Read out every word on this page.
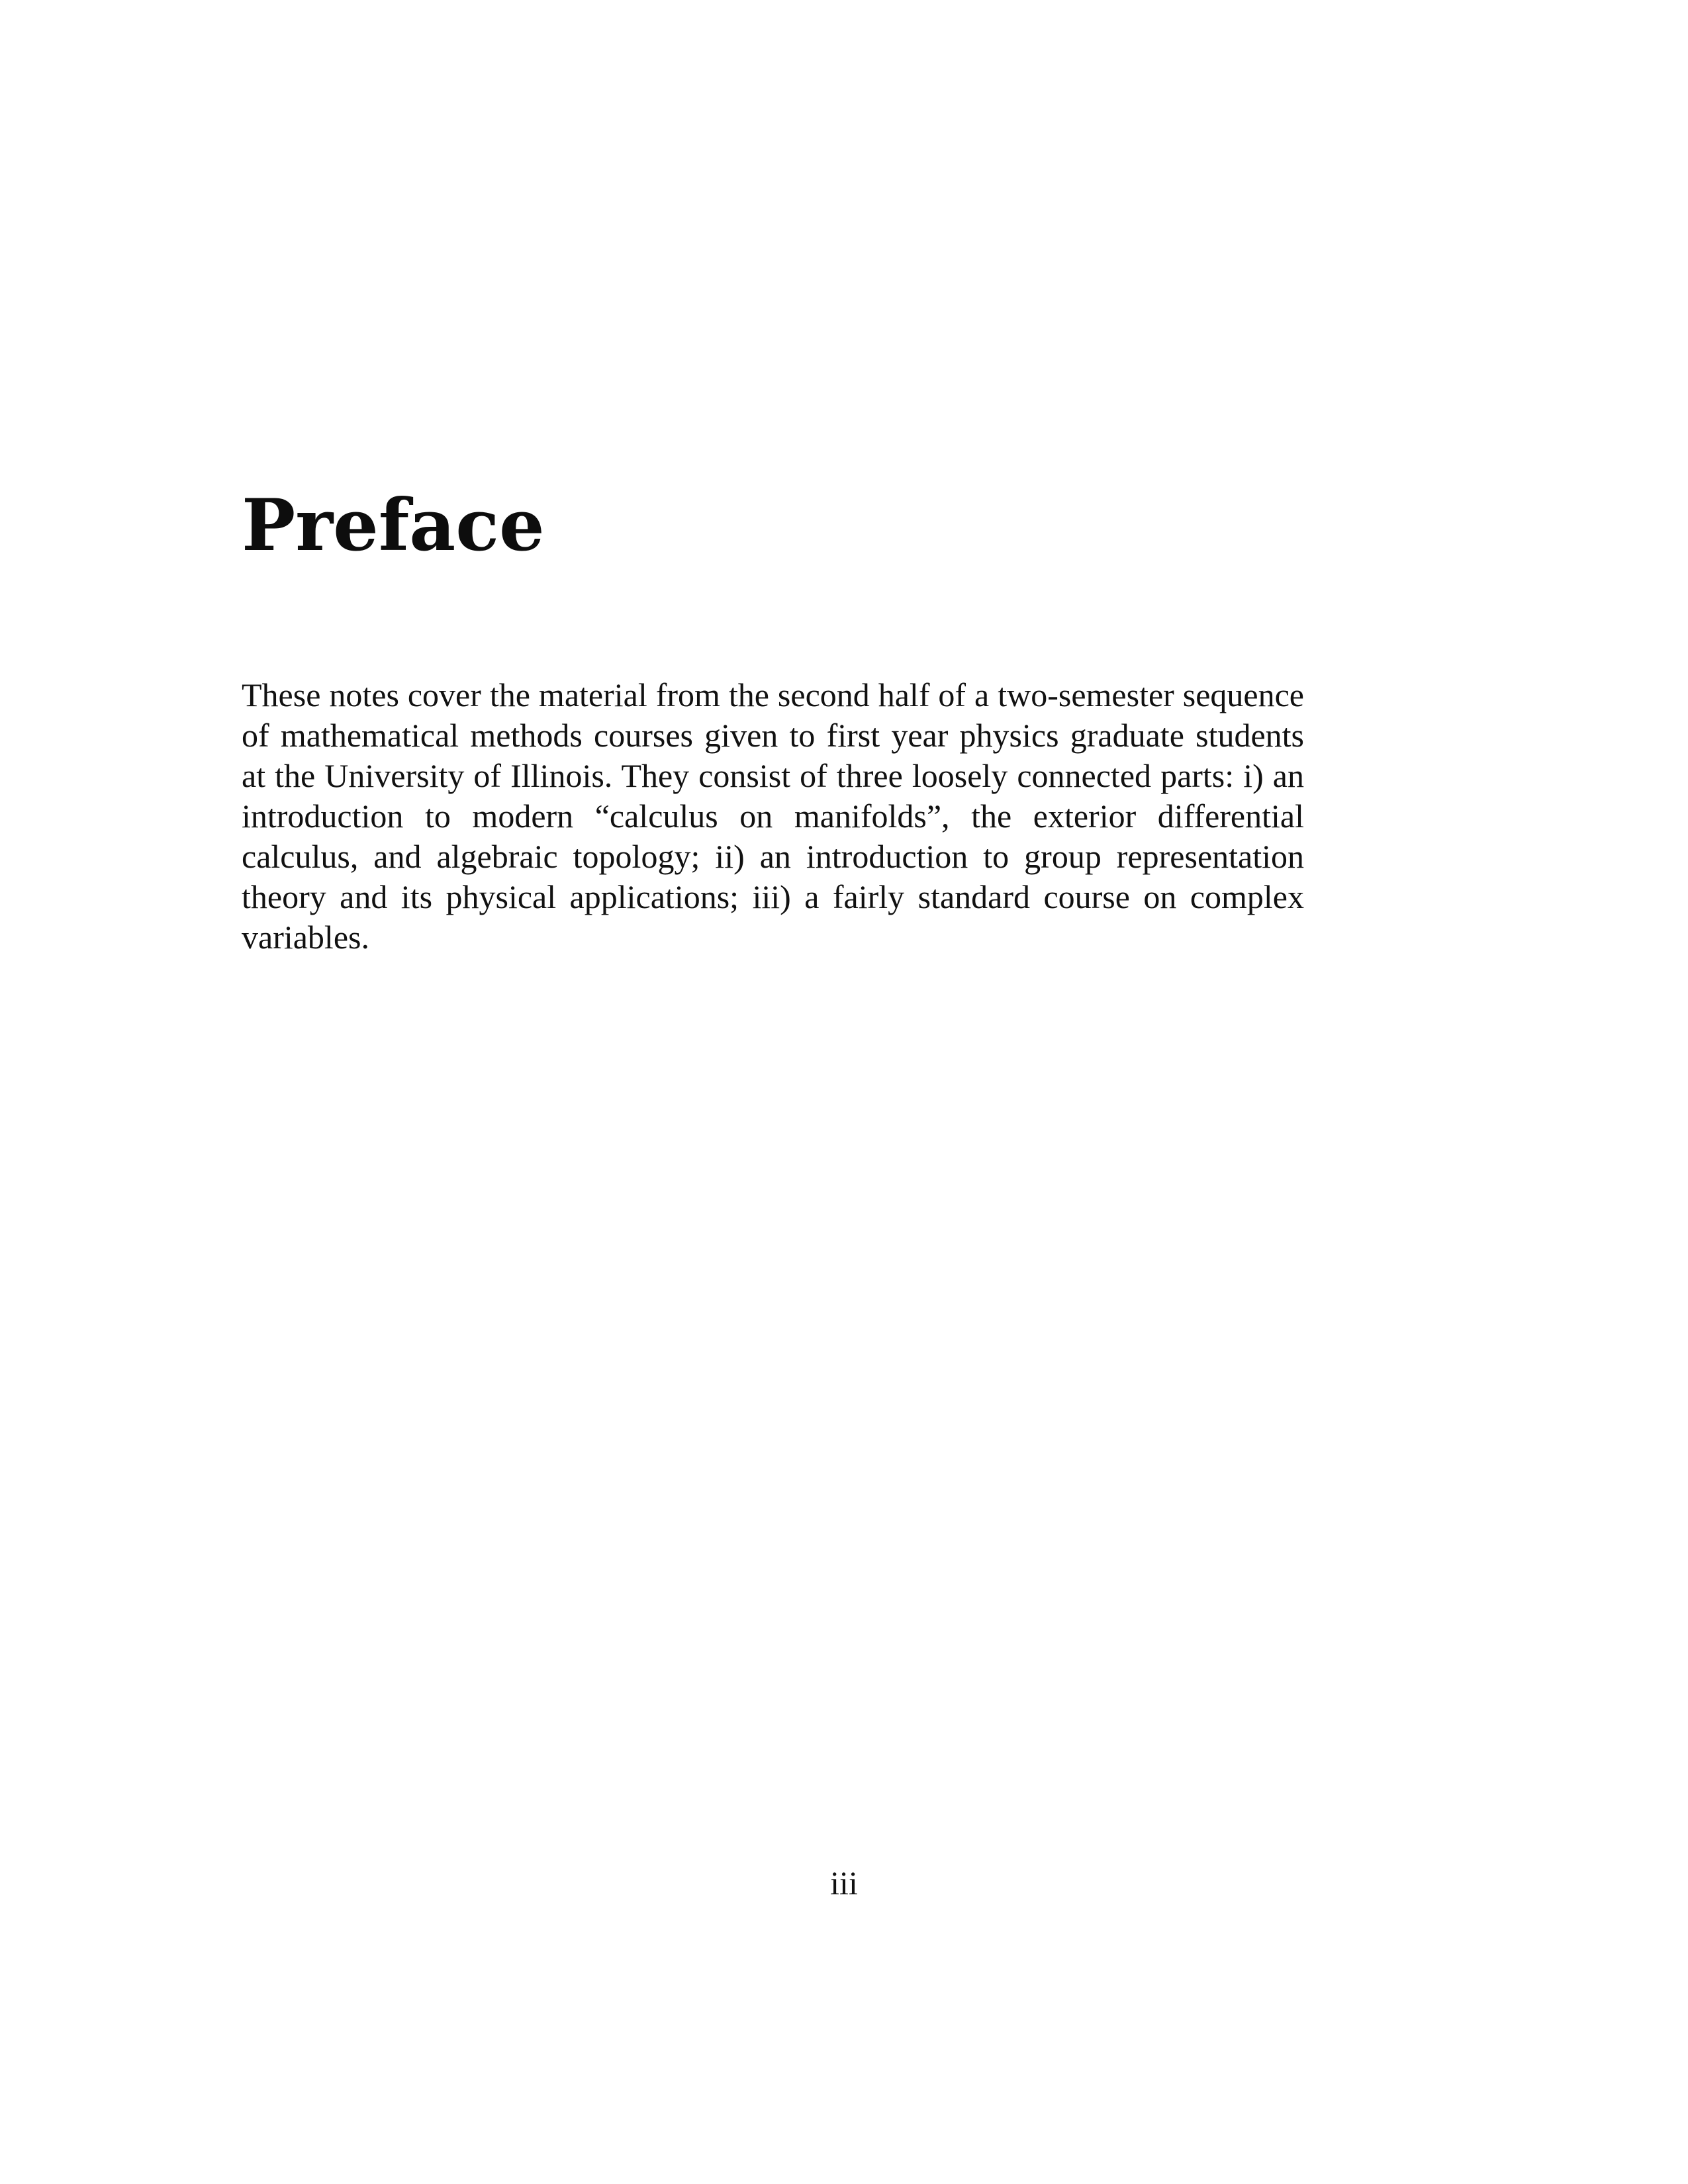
Preface

These notes cover the material from the second half of a two-semester sequence of mathematical methods courses given to first year physics graduate students at the University of Illinois. They consist of three loosely connected parts: i) an introduction to modern “calculus on manifolds”, the exterior differential calculus, and algebraic topology; ii) an introduction to group representation theory and its physical applications; iii) a fairly standard course on complex variables.

iii
